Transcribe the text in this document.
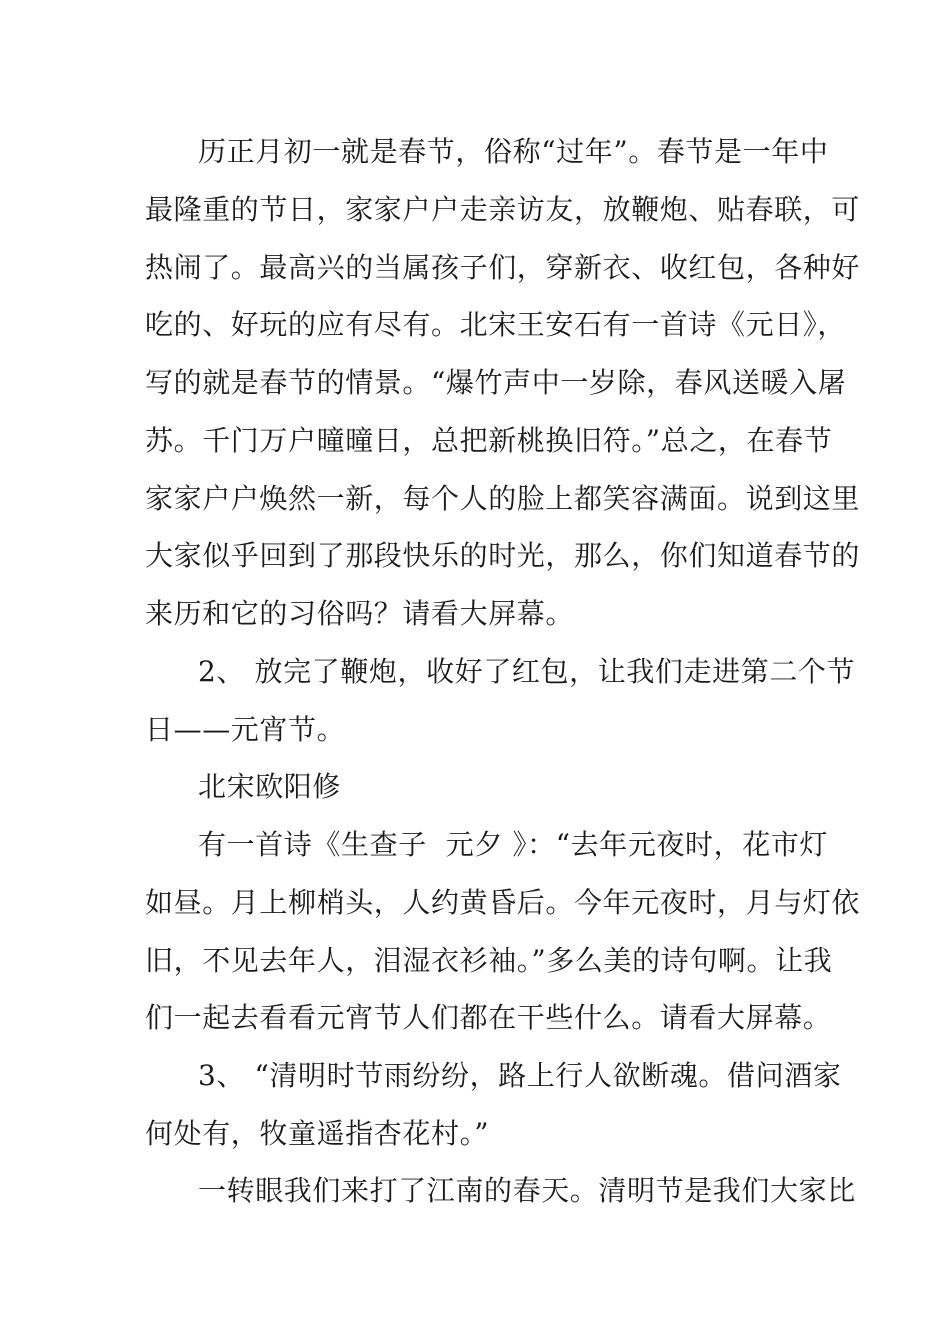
历正月初一就是春节，俗称“过年”。春节是一年中
最隆重的节日，家家户户走亲访友，放鞭炮、贴春联，可
热闹了。最高兴的当属孩子们，穿新衣、收红包，各种好
吃的、好玩的应有尽有。北宋王安石有一首诗《元日》，
写的就是春节的情景。“爆竹声中一岁除，春风送暖入屠
苏。千门万户曈曈日，总把新桃换旧符。”总之，在春节
家家户户焕然一新，每个人的脸上都笑容满面。说到这里
大家似乎回到了那段快乐的时光，那么，你们知道春节的
来历和它的习俗吗？请看大屏幕。
2、 放完了鞭炮，收好了红包，让我们走进第二个节
日——元宵节。
北宋欧阳修
有一首诗《生查子  元夕 》：“去年元夜时，花市灯
如昼。月上柳梢头，人约黄昏后。今年元夜时，月与灯依
旧，不见去年人，泪湿衣衫袖。”多么美的诗句啊。让我
们一起去看看元宵节人们都在干些什么。请看大屏幕。
3、 “清明时节雨纷纷，路上行人欲断魂。借问酒家
何处有，牧童遥指杏花村。”
一转眼我们来打了江南的春天。清明节是我们大家比
